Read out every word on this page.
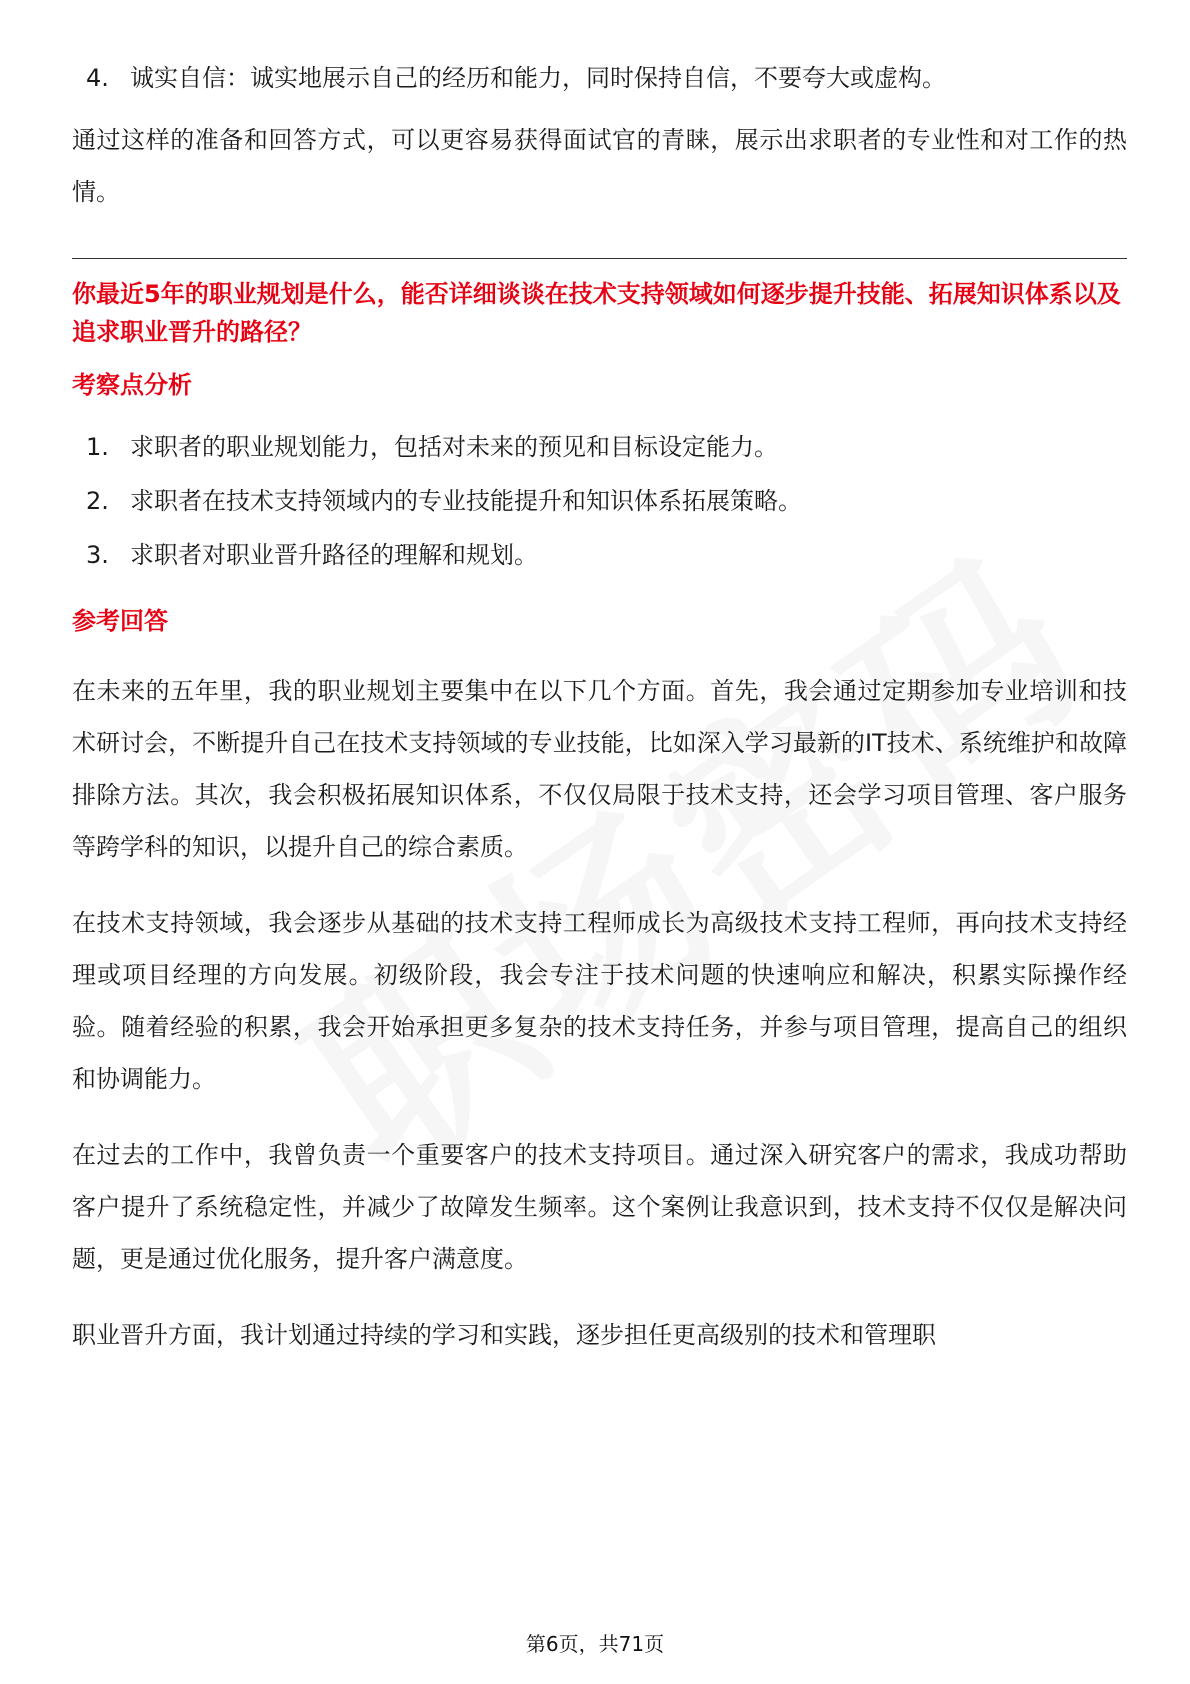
4. 诚实自信：诚实地展示自己的经历和能力，同时保持自信，不要夸大或虚构。

通过这样的准备和回答方式，可以更容易获得面试官的青睐，展示出求职者的专业性和对工作的热情。

你最近5年的职业规划是什么，能否详细谈谈在技术支持领域如何逐步提升技能、拓展知识体系以及追求职业晋升的路径？

考察点分析
1. 求职者的职业规划能力，包括对未来的预见和目标设定能力。
2. 求职者在技术支持领域内的专业技能提升和知识体系拓展策略。
3. 求职者对职业晋升路径的理解和规划。
参考回答

在未来的五年里，我的职业规划主要集中在以下几个方面。首先，我会通过定期参加专业培训和技术研讨会，不断提升自己在技术支持领域的专业技能，比如深入学习最新的IT技术、系统维护和故障排除方法。其次，我会积极拓展知识体系，不仅仅局限于技术支持，还会学习项目管理、客户服务等跨学科的知识，以提升自己的综合素质。

在技术支持领域，我会逐步从基础的技术支持工程师成长为高级技术支持工程师，再向技术支持经理或项目经理的方向发展。初级阶段，我会专注于技术问题的快速响应和解决，积累实际操作经验。随着经验的积累，我会开始承担更多复杂的技术支持任务，并参与项目管理，提高自己的组织和协调能力。

在过去的工作中，我曾负责一个重要客户的技术支持项目。通过深入研究客户的需求，我成功帮助客户提升了系统稳定性，并减少了故障发生频率。这个案例让我意识到，技术支持不仅仅是解决问题，更是通过优化服务，提升客户满意度。

职业晋升方面，我计划通过持续的学习和实践，逐步担任更高级别的技术和管理职

第6页，共71页
